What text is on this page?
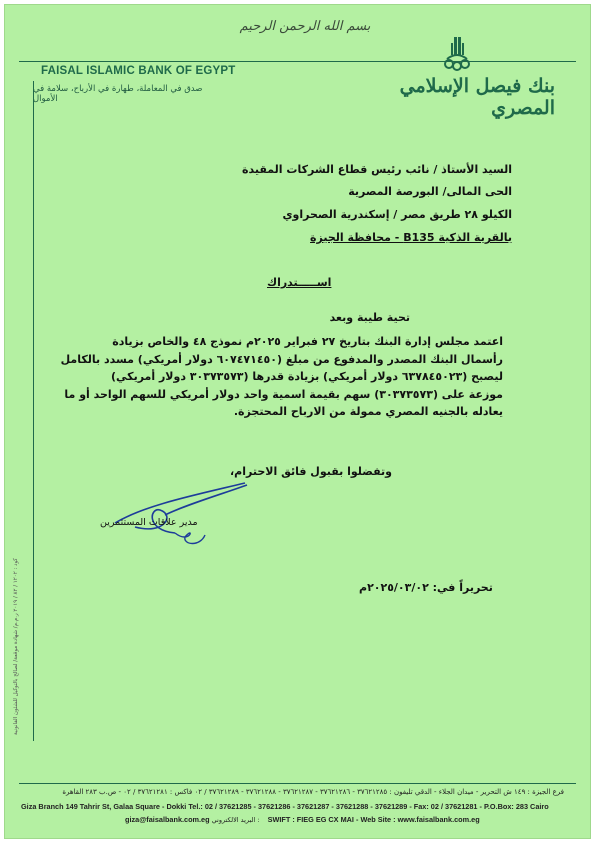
بسم الله الرحمن الرحيم
FAISAL ISLAMIC BANK OF EGYPT
صدق في المعاملة، طهارة في الأرباح، سلامة في الأموال
بنك فيصل الإسلامي المصري
السيد الأستاذ / نائب رئيس قطاع الشركات المقيدة
الحى المالى/ البورصة المصرية
الكيلو ٢٨ طريق مصر / إسكندرية الصحراوي
بالقرية الذكية B135 - محافظة الجيزة
اســـــتدراك
تحية طيبة وبعد
اعتمد مجلس إدارة البنك بتاريخ ٢٧ فبراير ٢٠٢٥م نموذج ٤٨ والخاص بزيادة
رأسمال البنك المصدر والمدفوع من مبلغ (٦٠٧٤٧١٤٥٠ دولار أمريكي) مسدد بالكامل
ليصبح (٦٣٧٨٤٥٠٢٣ دولار أمريكي) بزيادة قدرها (٣٠٣٧٣٥٧٣ دولار أمريكي)
موزعة على (٣٠٣٧٣٥٧٣) سهم بقيمة اسمية واحد دولار أمريكي للسهم الواحد أو ما
يعادله بالجنيه المصري ممولة من الارباح المحتجزة.
وتفضلوا بقبول فائق الاحترام،
مدير علاقات المستثمرين
تحريراً في: ٢٠٢٥/٠٣/٠٢م
كود : ١٢٠٢ / ٨٢ / ٢٠١٩ ر.م.م/ شهادة موقعة/ لصالح بالتوكيل للشئون القانونية
فرع الجيزة : ١٤٩ ش التحرير - ميدان الجلاء - الدقي تليفون : ٣٧٦٢١٢٨٥ - ٣٧٦٢١٢٨٦ - ٣٧٦٢١٢٨٧ - ٣٧٦٢١٢٨٨ - ٣٧٦٢١٢٨٩ / ٠٢ فاكس : ٣٧٦٢١٢٨١ / ٠٢ - ص.ب ٢٨٣ القاهرة
Giza Branch 149 Tahrir St, Galaa Square - Dokki Tel.: 02 / 37621285 - 37621286 - 37621287 - 37621288 - 37621289 - Fax: 02 / 37621281 - P.O.Box: 283 Cairo
giza@faisalbank.com.eg البريد الالكتروني : SWIFT : FIEG EG CX MAI - Web Site : www.faisalbank.com.eg
